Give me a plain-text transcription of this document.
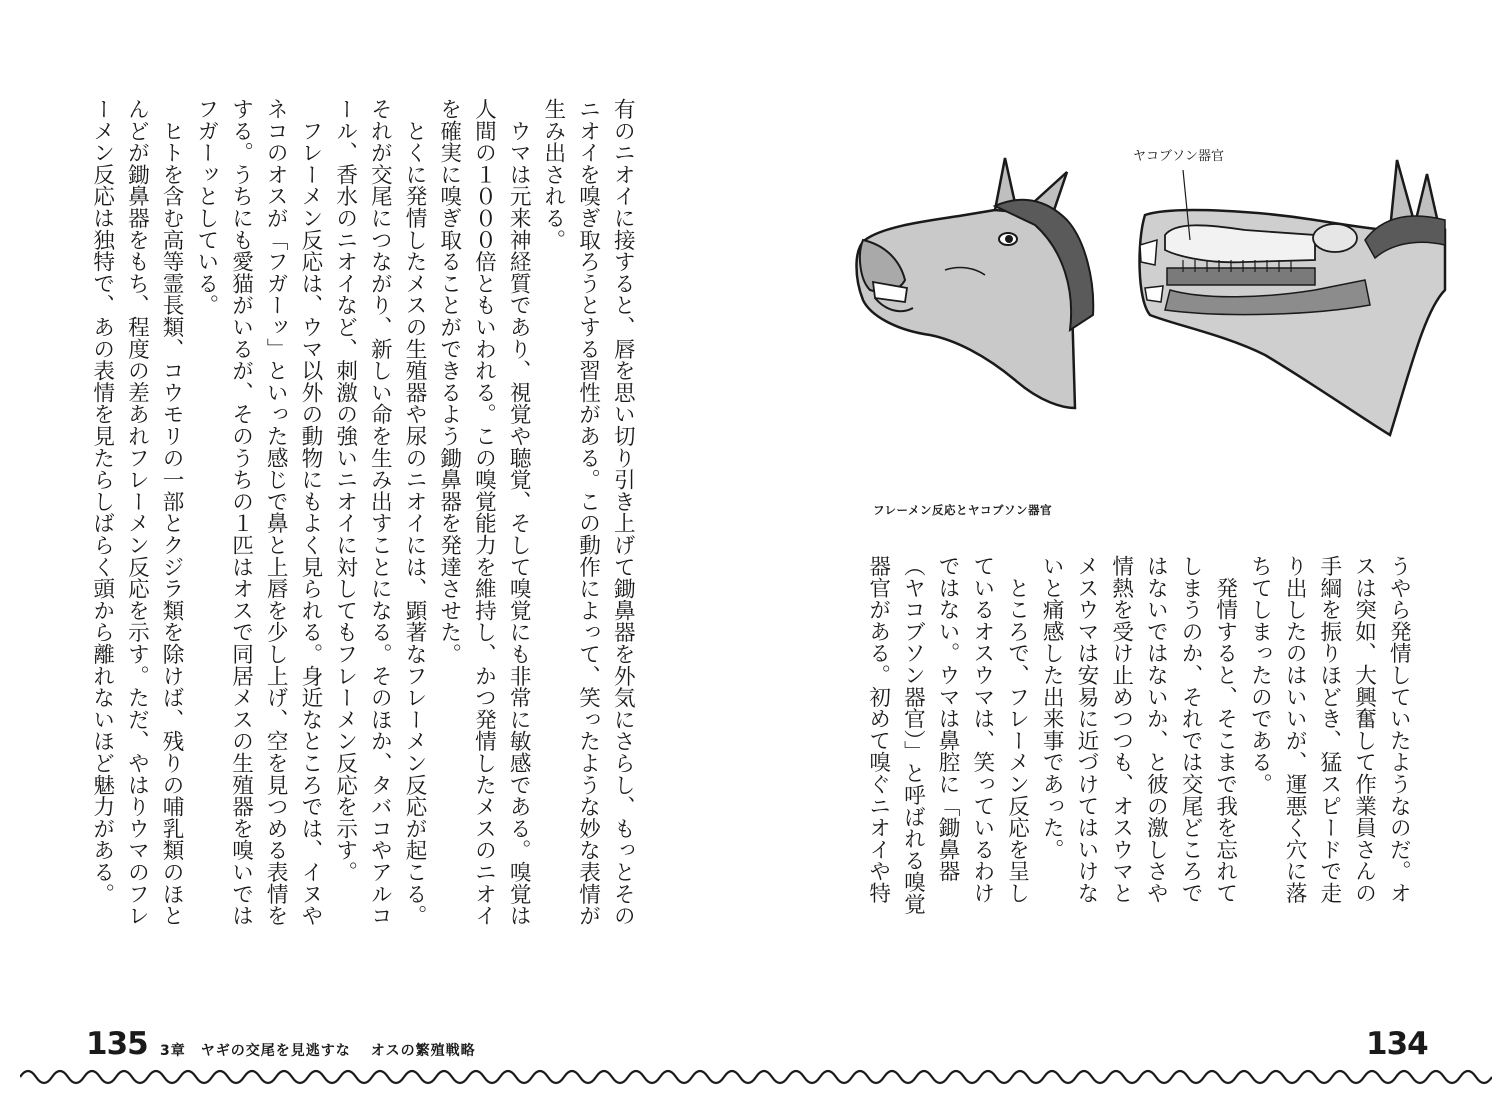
有のニオイに接すると、唇を思い切り引き上げて鋤鼻器を外気にさらし、もっとその
ニオイを嗅ぎ取ろうとする習性がある。この動作によって、笑ったような妙な表情が
生み出される。
　ウマは元来神経質であり、視覚や聴覚、そして嗅覚にも非常に敏感である。嗅覚は
人間の１０００倍ともいわれる。この嗅覚能力を維持し、かつ発情したメスのニオイ
を確実に嗅ぎ取ることができるよう鋤鼻器を発達させた。
　とくに発情したメスの生殖器や尿のニオイには、顕著なフレーメン反応が起こる。
それが交尾につながり、新しい命を生み出すことになる。そのほか、タバコやアルコ
ール、香水のニオイなど、刺激の強いニオイに対してもフレーメン反応を示す。
　フレーメン反応は、ウマ以外の動物にもよく見られる。身近なところでは、イヌや
ネコのオスが「フガーッ」といった感じで鼻と上唇を少し上げ、空を見つめる表情を
する。うちにも愛猫がいるが、そのうちの１匹はオスで同居メスの生殖器を嗅いでは
フガーッとしている。
　ヒトを含む高等霊長類、コウモリの一部とクジラ類を除けば、残りの哺乳類のほと
んどが鋤鼻器をもち、程度の差あれフレーメン反応を示す。ただ、やはりウマのフレ
ーメン反応は独特で、あの表情を見たらしばらく頭から離れないほど魅力がある。	ヤコブソン器官
フレーメン反応とヤコブソン器官
うやら発情していたようなのだ。オ
スは突如、大興奮して作業員さんの
手綱を振りほどき、猛スピードで走
り出したのはいいが、運悪く穴に落
ちてしまったのである。
　発情すると、そこまで我を忘れて
しまうのか、それでは交尾どころで
はないではないか、と彼の激しさや
情熱を受け止めつつも、オスウマと
メスウマは安易に近づけてはいけな
いと痛感した出来事であった。
　ところで、フレーメン反応を呈し
ているオスウマは、笑っているわけ
ではない。ウマは鼻腔に「鋤鼻器
（ヤコブソン器官）」と呼ばれる嗅覚
器官がある。初めて嗅ぐニオイや特
135 3章　ヤギの交尾を見逃すな オスの繁殖戦略	134
